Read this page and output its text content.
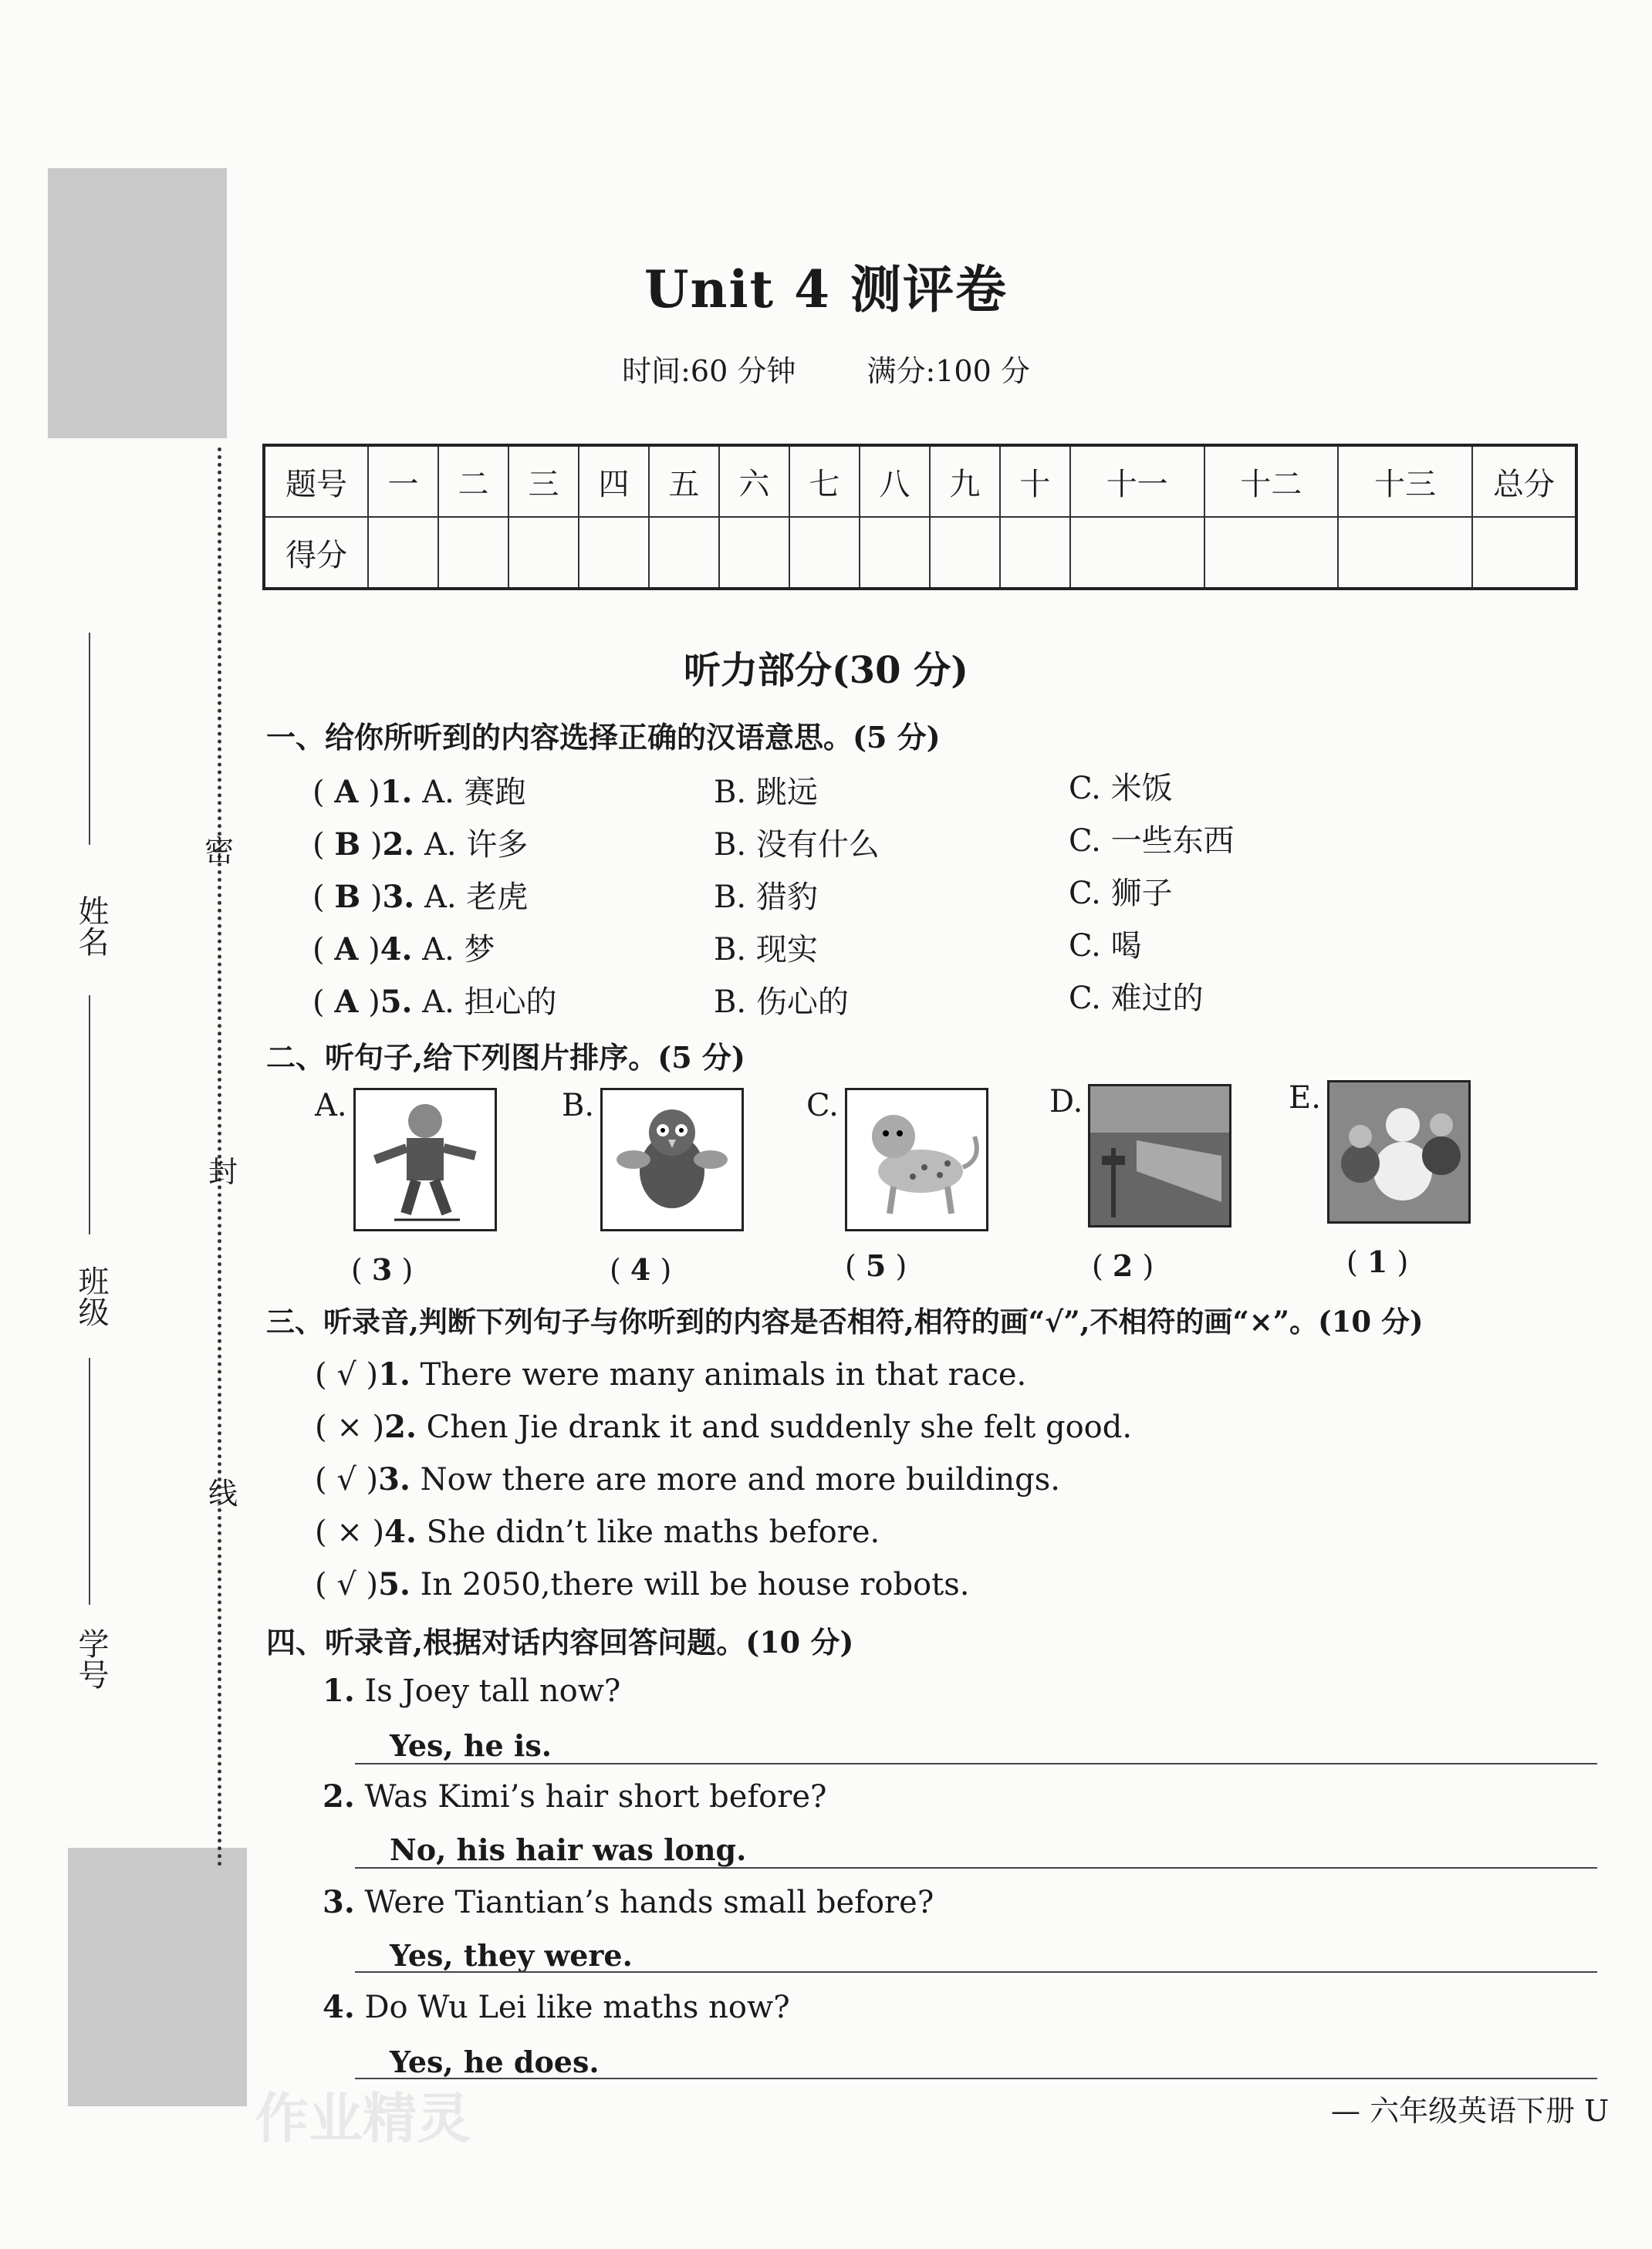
姓名
班级
学号
密
封
线
Unit 4 测评卷
时间:60 分钟 满分:100 分
题号	一	二	三	四	五	六	七	八	九	十	十一	十二	十三	总分
得分														
听力部分(30 分)
一、给你所听到的内容选择正确的汉语意思。(5 分)
( A )1. A. 赛跑	B. 跳远	C. 米饭
( B )2. A. 许多	B. 没有什么	C. 一些东西
( B )3. A. 老虎	B. 猎豹	C. 狮子
( A )4. A. 梦	B. 现实	C. 喝
( A )5. A. 担心的	B. 伤心的	C. 难过的
二、听句子,给下列图片排序。(5 分)
A.
( 3 )
B.
( 4 )
C.
( 5 )
D.
( 2 )
E.
( 1 )
三、听录音,判断下列句子与你听到的内容是否相符,相符的画“√”,不相符的画“×”。(10 分)
( √ )1. There were many animals in that race.
( × )2. Chen Jie drank it and suddenly she felt good.
( √ )3. Now there are more and more buildings.
( × )4. She didn’t like maths before.
( √ )5. In 2050,there will be house robots.
四、听录音,根据对话内容回答问题。(10 分)
1. Is Joey tall now?
Yes, he is.
2. Was Kimi’s hair short before?
No, his hair was long.
3. Were Tiantian’s hands small before?
Yes, they were.
4. Do Wu Lei like maths now?
Yes, he does.
— 六年级英语下册 U
作业精灵
